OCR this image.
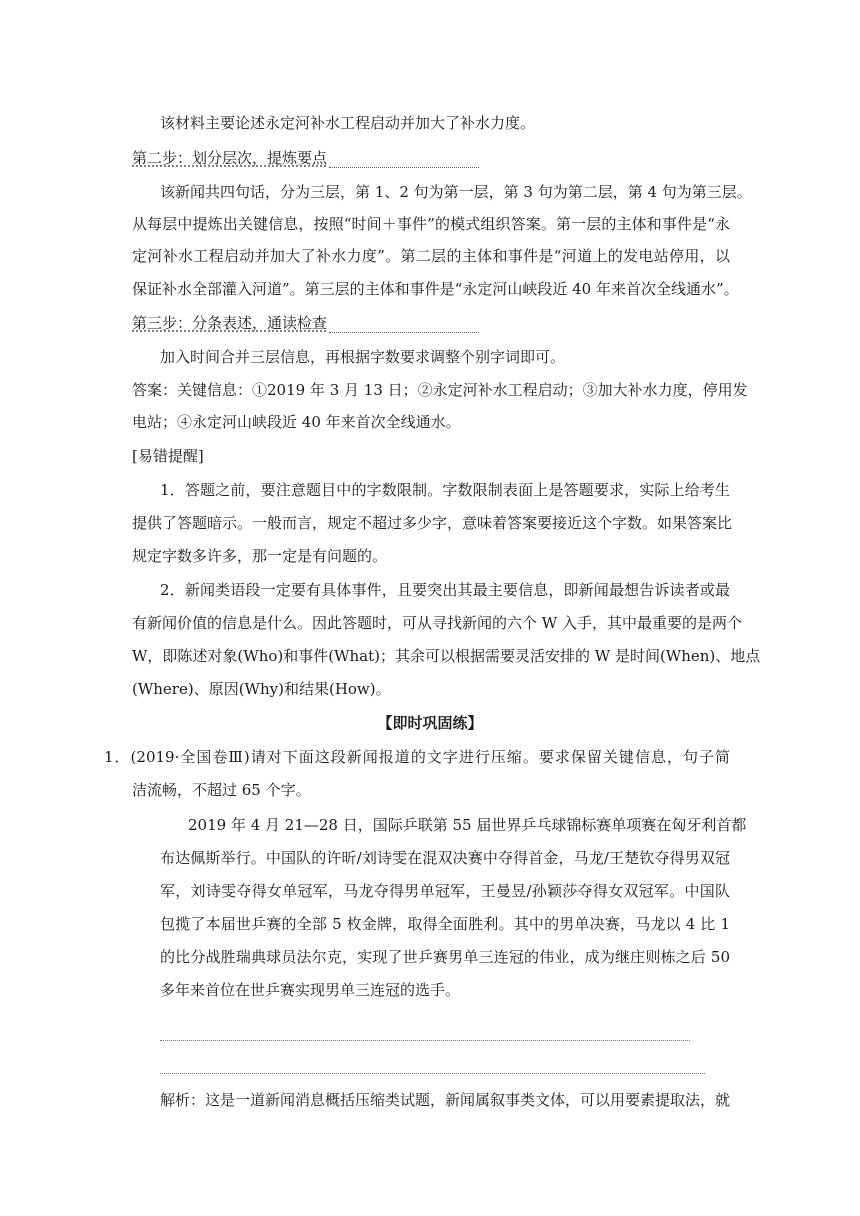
该材料主要论述永定河补水工程启动并加大了补水力度。
第二步：划分层次，提炼要点
该新闻共四句话，分为三层，第 1、2 句为第一层，第 3 句为第二层，第 4 句为第三层。
从每层中提炼出关键信息，按照“时间＋事件”的模式组织答案。第一层的主体和事件是“永
定河补水工程启动并加大了补水力度”。第二层的主体和事件是“河道上的发电站停用，以
保证补水全部灌入河道”。第三层的主体和事件是“永定河山峡段近 40 年来首次全线通水”。
第三步：分条表述，通读检查
加入时间合并三层信息，再根据字数要求调整个别字词即可。
答案：关键信息：①2019 年 3 月 13 日；②永定河补水工程启动；③加大补水力度，停用发
电站；④永定河山峡段近 40 年来首次全线通水。
[易错提醒]
1．答题之前，要注意题目中的字数限制。字数限制表面上是答题要求，实际上给考生
提供了答题暗示。一般而言，规定不超过多少字，意味着答案要接近这个字数。如果答案比
规定字数多许多，那一定是有问题的。
2．新闻类语段一定要有具体事件，且要突出其最主要信息，即新闻最想告诉读者或最
有新闻价值的信息是什么。因此答题时，可从寻找新闻的六个 W 入手，其中最重要的是两个
W，即陈述对象(Who)和事件(What)；其余可以根据需要灵活安排的 W 是时间(When)、地点
(Where)、原因(Why)和结果(How)。
【即时巩固练】
1．(2019·全国卷Ⅲ)请对下面这段新闻报道的文字进行压缩。要求保留关键信息，句子简
洁流畅，不超过 65 个字。
2019 年 4 月 21—28 日，国际乒联第 55 届世界乒乓球锦标赛单项赛在匈牙利首都
布达佩斯举行。中国队的许昕/刘诗雯在混双决赛中夺得首金，马龙/王楚钦夺得男双冠
军，刘诗雯夺得女单冠军，马龙夺得男单冠军，王曼昱/孙颖莎夺得女双冠军。中国队
包揽了本届世乒赛的全部 5 枚金牌，取得全面胜利。其中的男单决赛，马龙以 4 比 1
的比分战胜瑞典球员法尔克，实现了世乒赛男单三连冠的伟业，成为继庄则栋之后 50
多年来首位在世乒赛实现男单三连冠的选手。
解析：这是一道新闻消息概括压缩类试题，新闻属叙事类文体，可以用要素提取法，就
